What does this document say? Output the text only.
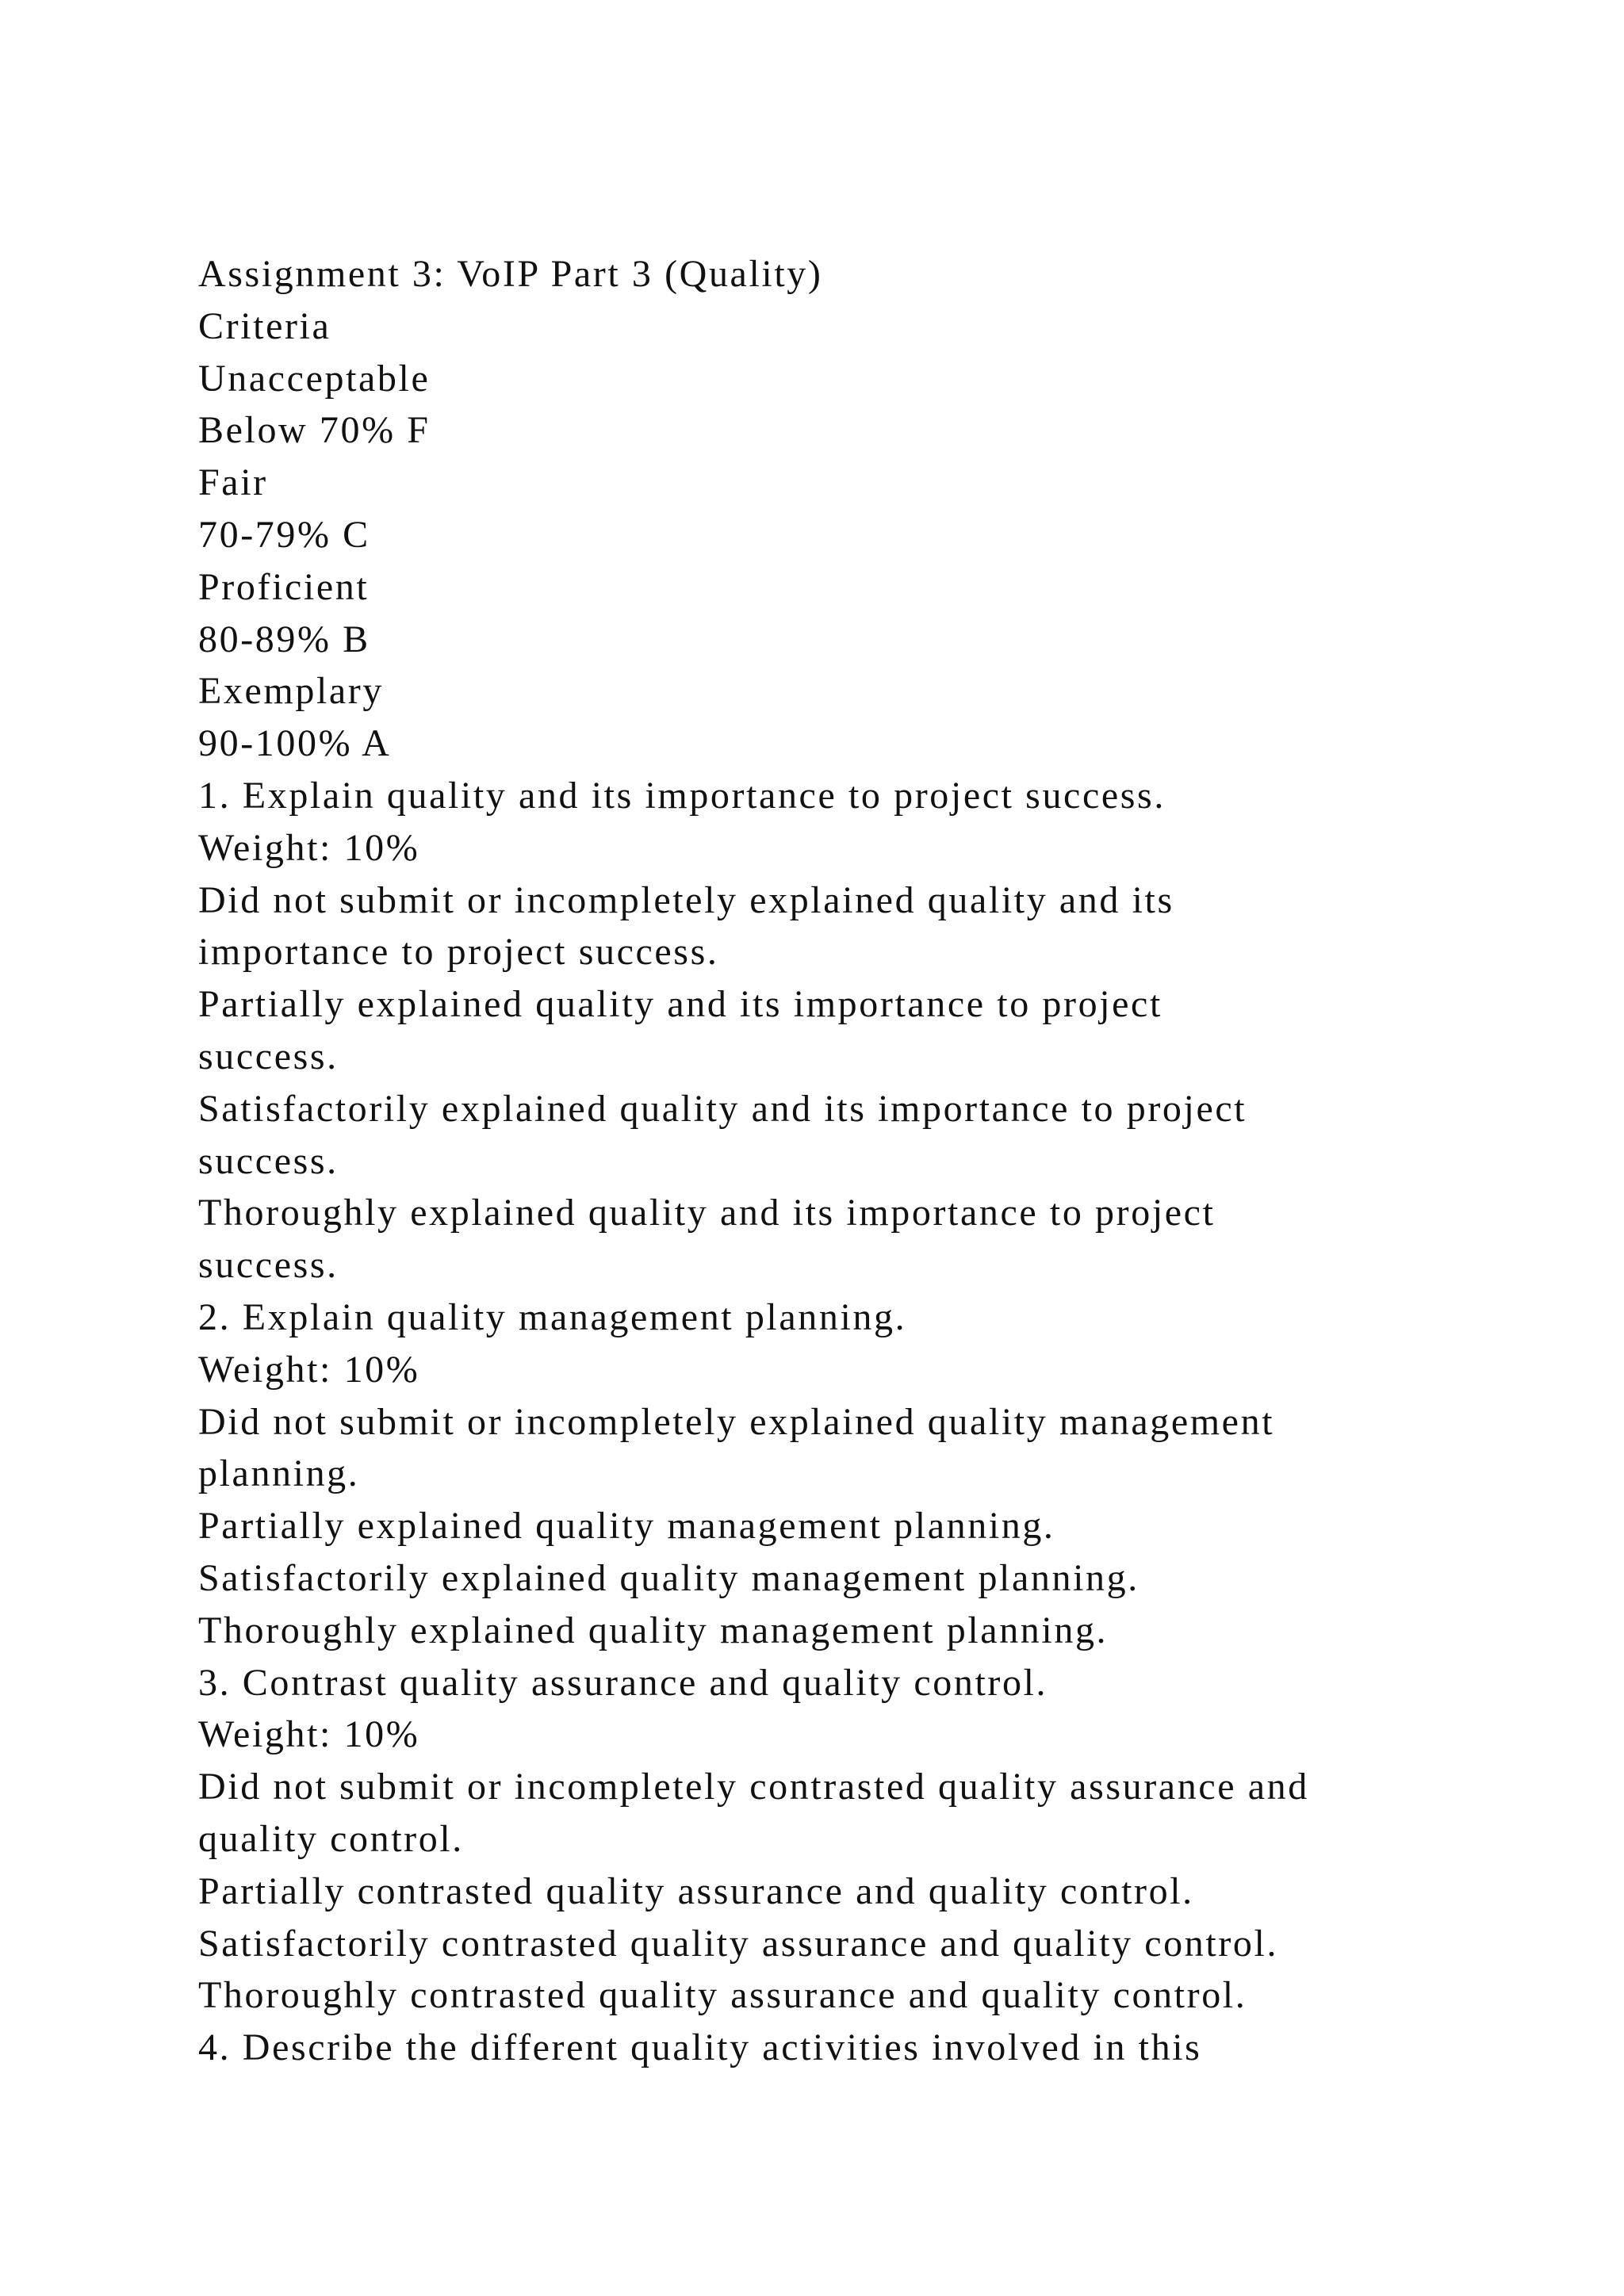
Assignment 3: VoIP Part 3 (Quality)
Criteria
Unacceptable
Below 70% F
Fair
70-79% C
Proficient
80-89% B
Exemplary
90-100% A
1. Explain quality and its importance to project success.
Weight: 10%
Did not submit or incompletely explained quality and its
importance to project success.
Partially explained quality and its importance to project
success.
Satisfactorily explained quality and its importance to project
success.
Thoroughly explained quality and its importance to project
success.
2. Explain quality management planning.
Weight: 10%
Did not submit or incompletely explained quality management
planning.
Partially explained quality management planning.
Satisfactorily explained quality management planning.
Thoroughly explained quality management planning.
3. Contrast quality assurance and quality control.
Weight: 10%
Did not submit or incompletely contrasted quality assurance and
quality control.
Partially contrasted quality assurance and quality control.
Satisfactorily contrasted quality assurance and quality control.
Thoroughly contrasted quality assurance and quality control.
4. Describe the different quality activities involved in this
